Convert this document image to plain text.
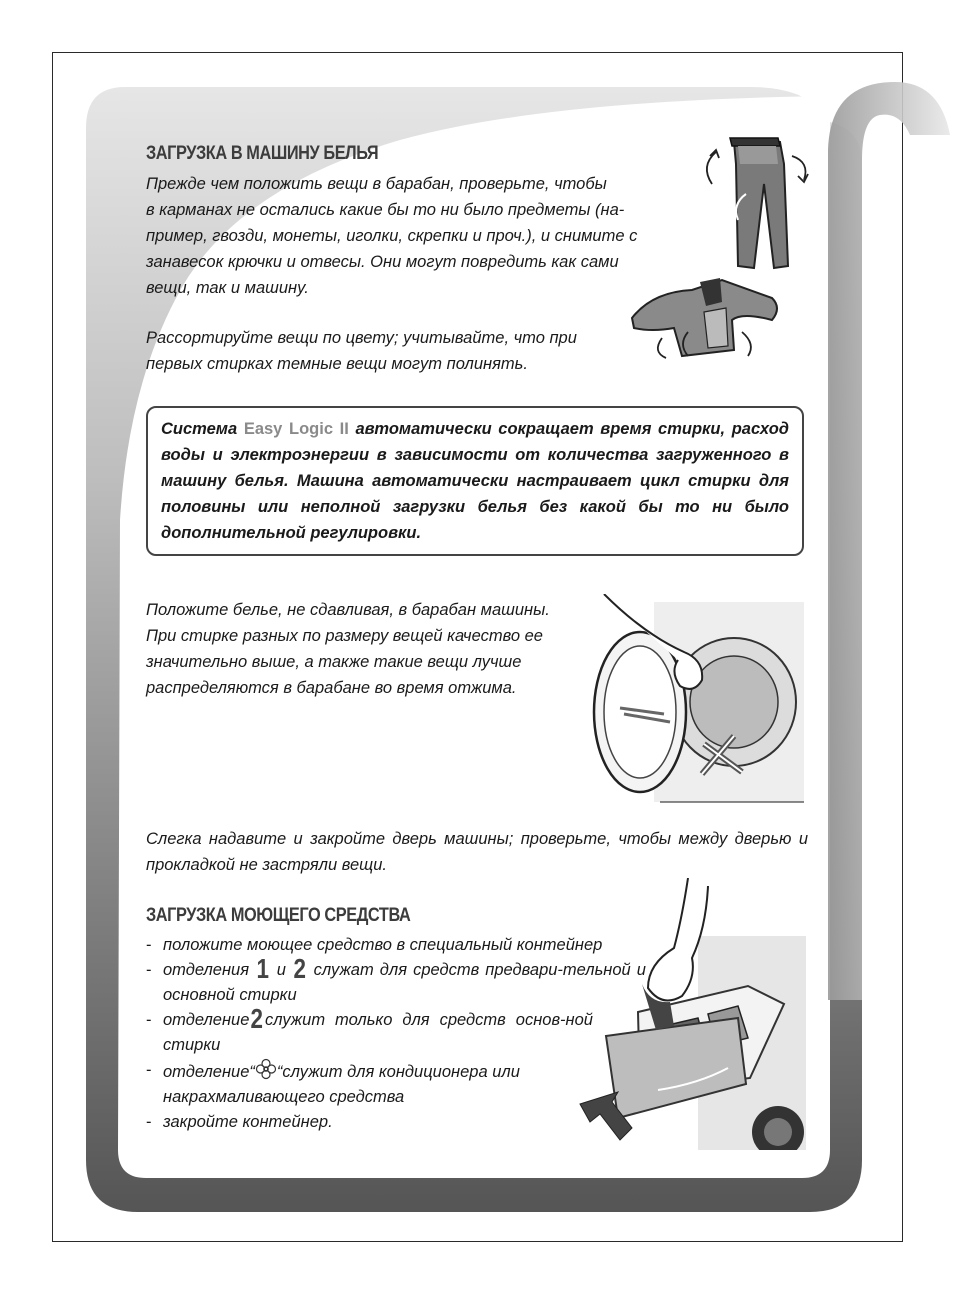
ЗАГРУЗКА В МАШИНУ БЕЛЬЯ
Прежде чем положить вещи в барабан, проверьте, чтобы
в карманах не остались какие бы то ни было предметы (на-
пример, гвозди, монеты, иголки, скрепки и проч.), и снимите с
занавесок крючки и отвесы. Они могут повредить как сами
вещи, так и машину.
Рассортируйте вещи по цвету; учитывайте, что при
первых стирках темные вещи могут полинять.

Система Easy Logic II автоматически сокращает время стирки, расход воды и электроэнергии в зависимости от количества загруженного в машину белья. Машина автоматически настраивает цикл стирки для половины или неполной загрузки белья без какой бы то ни было дополнительной регулировки.

Положите белье, не сдавливая, в барабан машины.
При стирке разных по размеру вещей качество ее
значительно выше, а также такие вещи лучше
распределяются в барабане во время отжима.
Слегка надавите и закройте дверь машины; проверьте, чтобы между дверью и прокладкой не застряли вещи.
ЗАГРУЗКА МОЮЩЕГО СРЕДСТВА
- положите моющее средство в специальный контейнер
- отделения 1 и 2 служат для средств предвари-тельной и основной стирки
- отделение2служит только для средств основ-ной стирки
- отделение“ “служит для кондиционера или накрахмаливающего средства
- закройте контейнер.
